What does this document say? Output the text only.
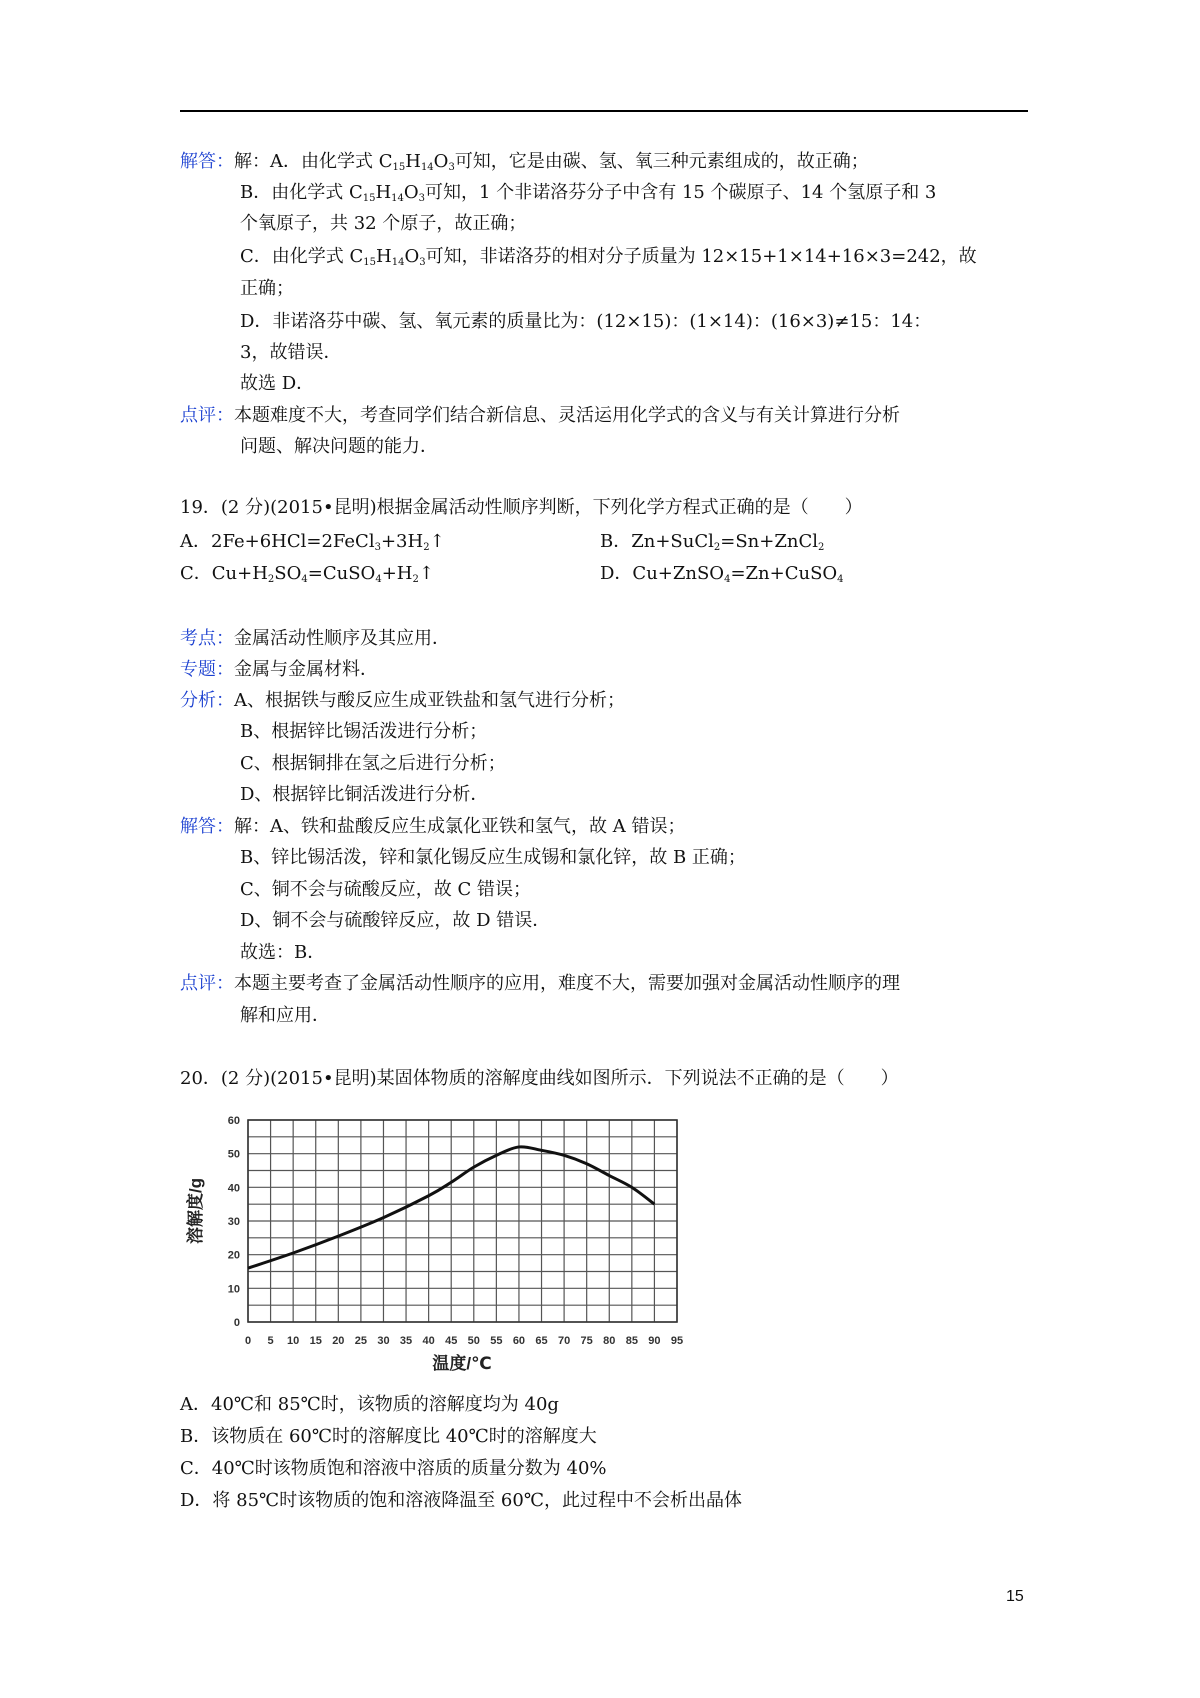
解答：解：A．由化学式 $C_{15}H_{14}O_3$可知，它是由碳、氢、氧三种元素组成的，故正确；
B．由化学式 $C_{15}H_{14}O_3$可知，1 个非诺洛芬分子中含有 15 个碳原子、14 个氢原子和 3
个氧原子，共 32 个原子，故正确；
C．由化学式 $C_{15}H_{14}O_3$可知，非诺洛芬的相对分子质量为 12×15+1×14+16×3=242，故
正确；
D．非诺洛芬中碳、氢、氧元素的质量比为：(12×15)：(1×14)：(16×3)≠15：14：
3，故错误．
故选 D．
点评：本题难度不大，考查同学们结合新信息、灵活运用化学式的含义与有关计算进行分析
问题、解决问题的能力．
19．(2 分)(2015•昆明)根据金属活动性顺序判断，下列化学方程式正确的是（　　）
A．$2Fe+6HCl=2FeCl_3+3H_2↑$	B．Zn+SuCl$_2$=Sn+ZnCl$_2$
C．$Cu+H_2SO_4=CuSO_4+H_2↑$	D．Cu+ZnSO$_4$=Zn+CuSO$_4$
考点：金属活动性顺序及其应用．
专题：金属与金属材料．
分析：A、根据铁与酸反应生成亚铁盐和氢气进行分析；
B、根据锌比锡活泼进行分析；
C、根据铜排在氢之后进行分析；
D、根据锌比铜活泼进行分析．
解答：解：A、铁和盐酸反应生成氯化亚铁和氢气，故 A 错误；
B、锌比锡活泼，锌和氯化锡反应生成锡和氯化锌，故 B 正确；
C、铜不会与硫酸反应，故 C 错误；
D、铜不会与硫酸锌反应，故 D 错误．
故选：B．
点评：本题主要考查了金属活动性顺序的应用，难度不大，需要加强对金属活动性顺序的理
解和应用．
20．(2 分)(2015•昆明)某固体物质的溶解度曲线如图所示．下列说法不正确的是（　　）
0
10
20
30
40
50
60
0 5 10 15 20 25 30 35 40 45 50 55 60 65 70 75 80 85 90 95
溶解度/g
温度/℃
A．40℃和 85℃时，该物质的溶解度均为 40g
B．该物质在 60℃时的溶解度比 40℃时的溶解度大
C．40℃时该物质饱和溶液中溶质的质量分数为 40%
D．将 85℃时该物质的饱和溶液降温至 60℃，此过程中不会析出晶体
15
